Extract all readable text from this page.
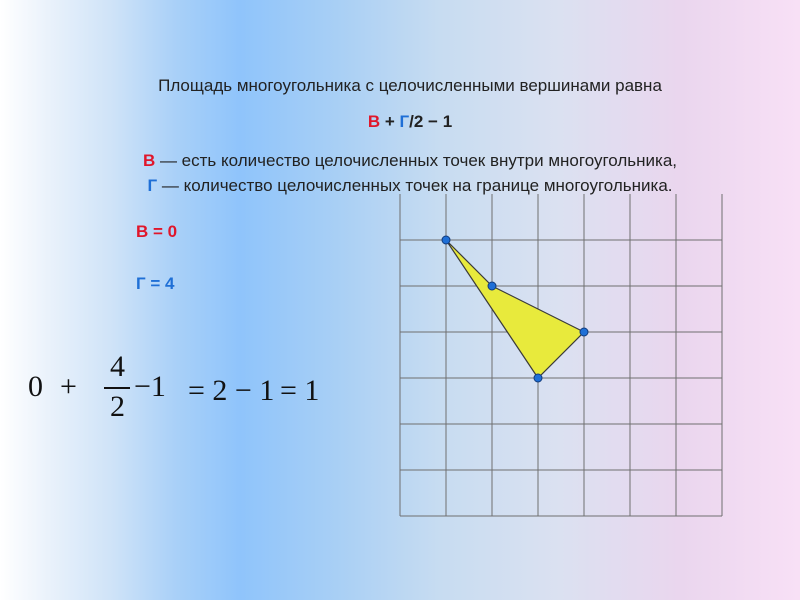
Площадь многоугольника с целочисленными вершинами равна
В + Г/2 − 1
В — есть количество целочисленных точек внутри многоугольника,
Г — количество целочисленных точек на границе многоугольника.
В = 0
Г = 4
0 +
4
2
−1 = 2 − 1 = 1
